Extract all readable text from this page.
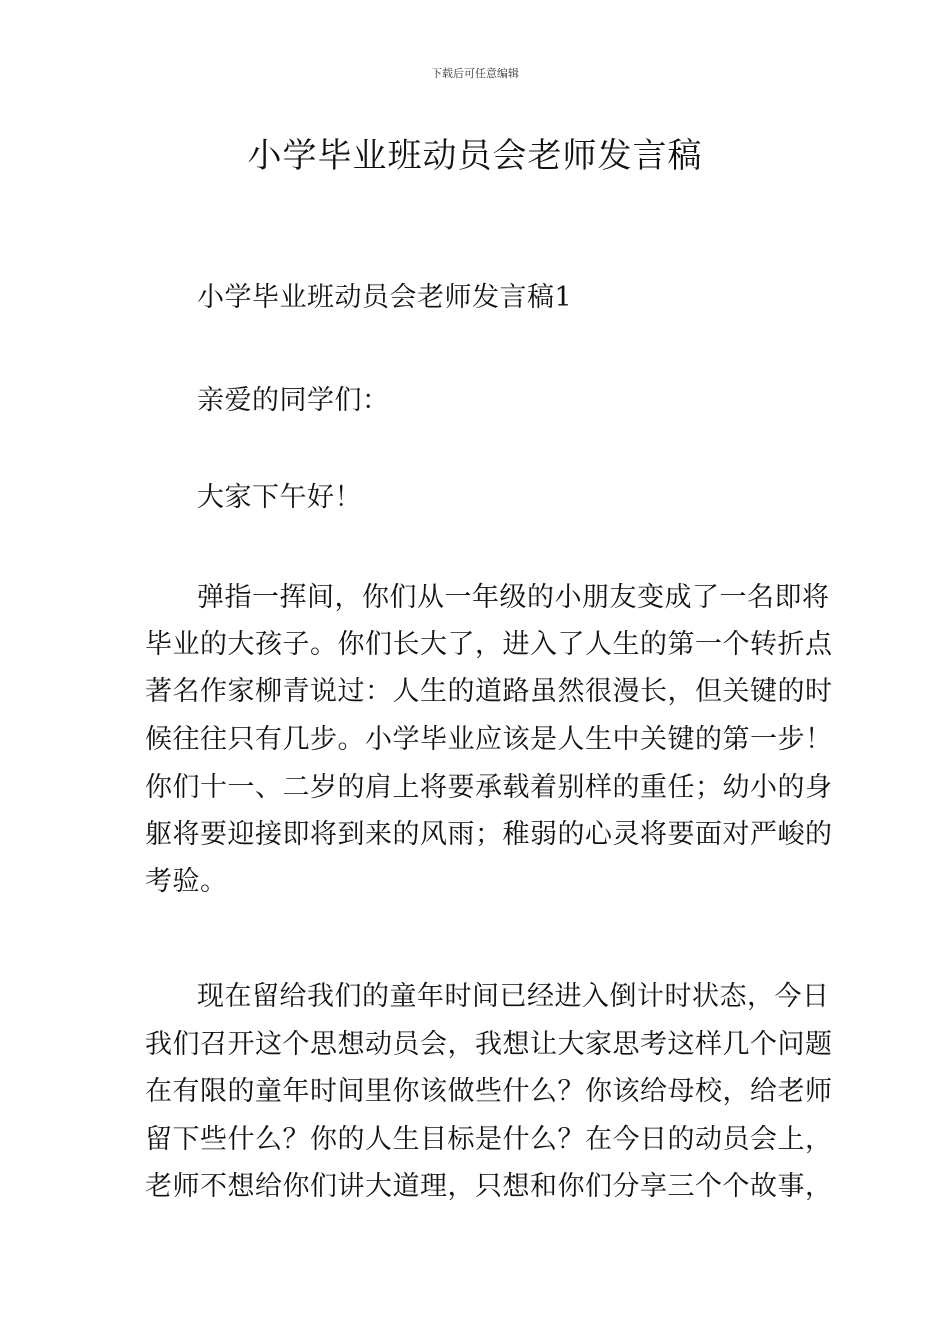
下载后可任意编辑
小学毕业班动员会老师发言稿
小学毕业班动员会老师发言稿1
亲爱的同学们：
大家下午好！
弹指一挥间，你们从一年级的小朋友变成了一名即将
毕业的大孩子。你们长大了，进入了人生的第一个转折点
著名作家柳青说过：人生的道路虽然很漫长，但关键的时
候往往只有几步。小学毕业应该是人生中关键的第一步！
你们十一、二岁的肩上将要承载着别样的重任；幼小的身
躯将要迎接即将到来的风雨；稚弱的心灵将要面对严峻的
考验。
现在留给我们的童年时间已经进入倒计时状态，今日
我们召开这个思想动员会，我想让大家思考这样几个问题
在有限的童年时间里你该做些什么？你该给母校，给老师
留下些什么？你的人生目标是什么？在今日的动员会上，
老师不想给你们讲大道理，只想和你们分享三个个故事，
